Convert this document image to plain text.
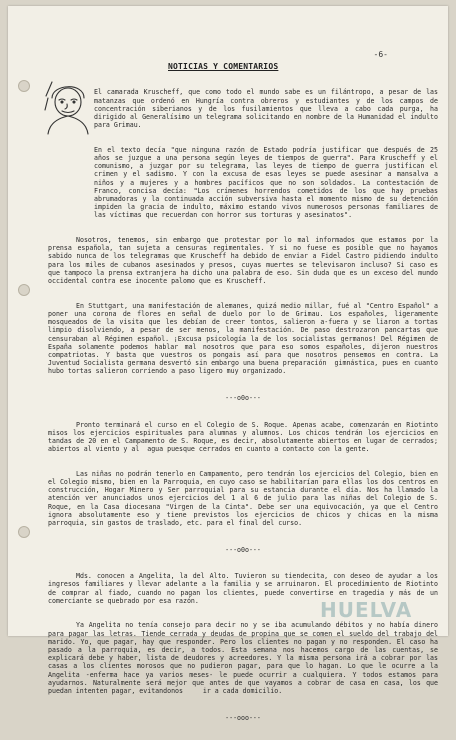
-6-
NOTICIAS Y COMENTARIOS

El camarada Kruscheff, que como todo el mundo sabe es un filántropo, a pesar de las matanzas que ordenó en Hungría contra obreros y estudiantes y de los campos de concentración siberianos y de los fusilamientos que lleva a cabo cada purga, ha dirigido al Generalísimo un telegrama solicitando en nombre de la Humanidad el indulto para Grimau.

En el texto decía "que ninguna razón de Estado podría justificar que después de 25 años se juzgue a una persona según leyes de tiempos de guerra". Para Kruscheff y el comunismo, a juzgar por su telegrama, las leyes de tiempo de guerra justifican el crimen y el sadismo. Y con la excusa de esas leyes se puede asesinar a mansalva a niños y a mujeres y a hombres pacíficos que no son soldados. La contestación de Franco, concisa decía: "Los crímenes horrendos cometidos de los que hay pruebas abrumadoras y la continuada acción subversiva hasta el momento mismo de su detención impiden la gracia de indulto, máximo estando vivos numerosos personas familiares de las víctimas que recuerdan con horror sus torturas y asesinatos".

Nosotros, tenemos, sin embargo que protestar por lo mal informados que estamos por la prensa española, tan sujeta a censuras regimentales. Y si no fuese es posible que no hayamos sabido nunca de los telegramas que Kruscheff ha debido de enviar a Fidel Castro pidiendo indulto para los miles de cubanos asesinados y presos, cuyas muertes se televisaron incluso? Si caso es que tampoco la prensa extranjera ha dicho una palabra de eso. Sin duda que es un exceso del mundo occidental contra ese inocente palomo que es Kruscheff.

En Stuttgart, una manifestación de alemanes, quizá medio millar, fué al "Centro Español" a poner una corona de flores en señal de duelo por lo de Grimau. Los españoles, ligeramente mosqueados de la visita que les debían de creer tontos, salieron a-fuera y se liaron a tortas limpio disolviendo, a pesar de ser menos, la manifestación. De paso destrozaron pancartas que censuraban al Régimen español. ¡Excusa psicología la de los socialistas germanos! Del Régimen de España solamente podemos hablar mal nosotros que para eso somos españoles, dijeron nuestros compatriotas. Y basta que vuestros os pongais así para que nosotros pensemos en contra. La Juventud Socialista germana desvertó sin embargo una buena preparación  gimnástica, pues en cuanto hubo tortas salieron corriendo a paso ligero muy organizado.

---o0o---

Pronto terminará el curso en el Colegio de S. Roque. Apenas acabe, comenzarán en Riotinto misos los ejercicios espirituales para alumnas y alumnos. Los chicos tendrán los ejercicios en tandas de 20 en el Campamento de S. Roque, es decir, absolutamente abiertos en lugar de cerrados; abiertos al viento y al  agua puesque cerrados en cuanto a contacto con la gente.

Las niñas no podrán tenerlo en Campamento, pero tendrán los ejercicios del Colegio, bien en el Colegio mismo, bien en la Parroquia, en cuyo caso se habilitarían para ellas los dos centros en construcción, Hogar Minero y Ser parroquial para su estancia durante el día. Nos ha llamado la atención ver anunciados unos ejercicios del 1 al 6 de julio para las niñas del Colegio de S. Roque, en la Casa diocesana "Virgen de la Cinta". Debe ser una equivocación, ya que el Centro ignora absolutamente eso y tiene previstos los ejercicios de chicos y chicas en la misma parroquia, sin gastos de traslado, etc. para el final del curso.

---o0o---

Mds. conocen a Angelita, la del Alto. Tuvieron su tiendecita, con deseo de ayudar a los ingresos familiares y llevar adelante a la familia y se arruinaron. El procedimiento de Riotinto de comprar al fiado, cuando no pagan los clientes, puede convertirse en tragedia y más de un comerciante se quebrado por esa razón.

Ya Angelita no tenía consejo para decir no y se iba acumulando débitos y no había dinero para pagar las letras. Tiende cerrada y deudas de propina que se comen el sueldo del trabajo del marido. Yo, que pagar, hay que responder. Pero los clientes no pagan y no responden. El caso ha pasado a la parroquia, es decir, a todos. Esta semana nos hacemos cargo de las cuentas, se explicará debe y haber, lista de deudores y acreedores. Y la misma persona irá a cobrar por las casas a los clientes morosos que no pudieron pagar, para que lo hagan. Lo que le ocurre a la Angelita -enferma hace ya varios meses- le puede ocurrir a cualquiera. Y todos estamos para ayudarnos. Naturalmente será mejor que antes de que vayamos a cobrar de casa en casa, los que puedan intenten pagar, evitandonos     ir a cada domicilio.

---ooo---

HUELVA
